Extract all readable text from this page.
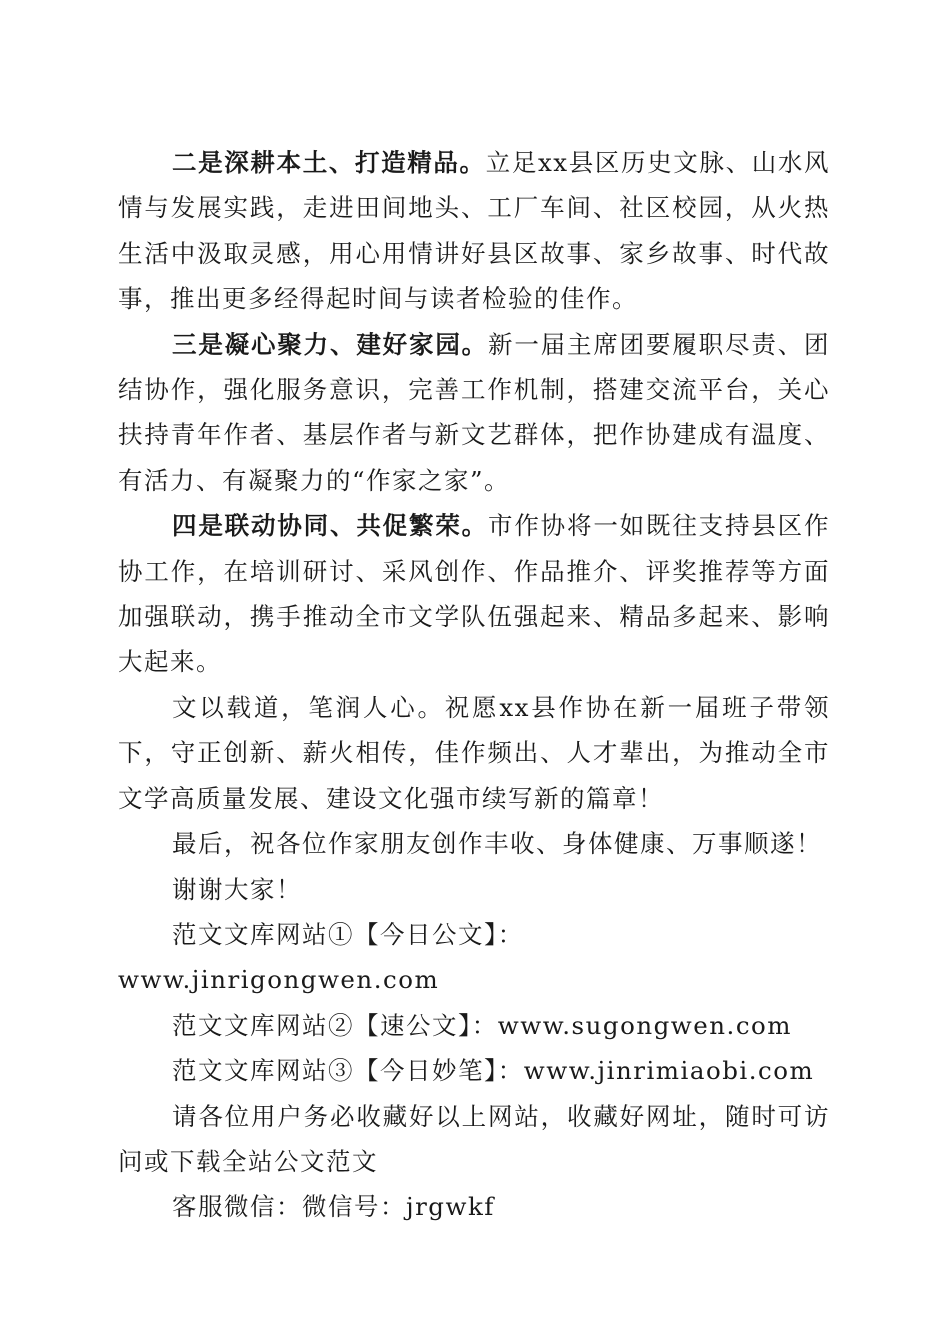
二是深耕本土、打造精品。立足xx县区历史文脉、山水风情与发展实践，走进田间地头、工厂车间、社区校园，从火热生活中汲取灵感，用心用情讲好县区故事、家乡故事、时代故事，推出更多经得起时间与读者检验的佳作。

三是凝心聚力、建好家园。新一届主席团要履职尽责、团结协作，强化服务意识，完善工作机制，搭建交流平台，关心扶持青年作者、基层作者与新文艺群体，把作协建成有温度、有活力、有凝聚力的“作家之家”。

四是联动协同、共促繁荣。市作协将一如既往支持县区作协工作，在培训研讨、采风创作、作品推介、评奖推荐等方面加强联动，携手推动全市文学队伍强起来、精品多起来、影响大起来。

文以载道，笔润人心。祝愿xx县作协在新一届班子带领下，守正创新、薪火相传，佳作频出、人才辈出，为推动全市文学高质量发展、建设文化强市续写新的篇章！

最后，祝各位作家朋友创作丰收、身体健康、万事顺遂！

谢谢大家！

范文文库网站①【今日公文】：www.jinrigongwen.com

范文文库网站②【速公文】：www.sugongwen.com

范文文库网站③【今日妙笔】：www.jinrimiaobi.com

请各位用户务必收藏好以上网站，收藏好网址，随时可访问或下载全站公文范文

客服微信：微信号：jrgwkf
